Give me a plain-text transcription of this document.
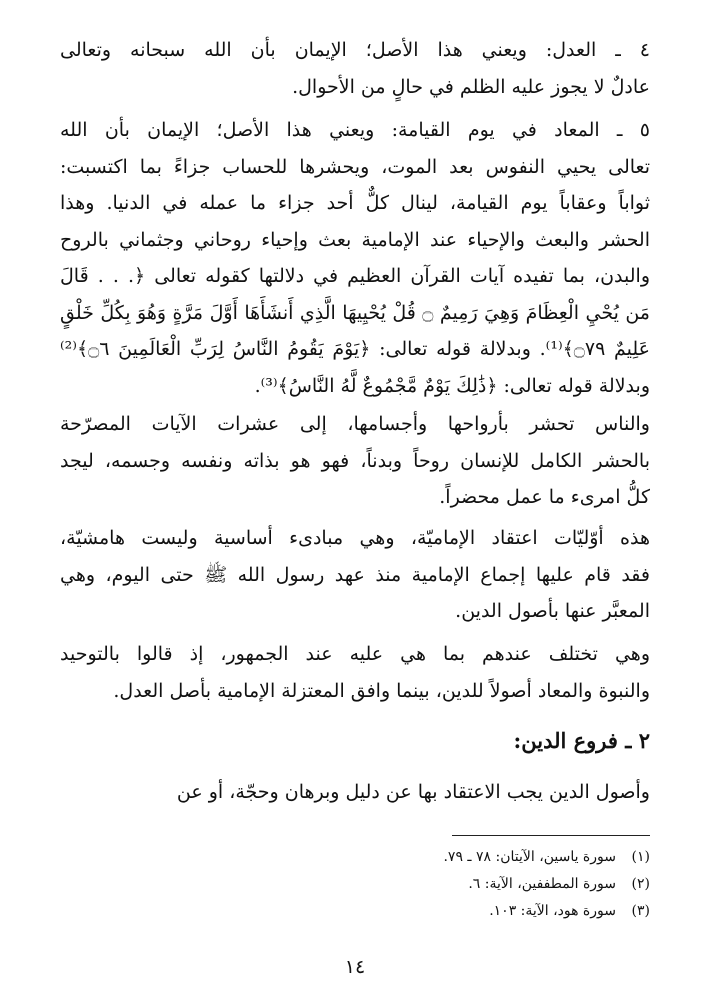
٤ ـ العدل: ويعني هذا الأصل؛ الإيمان بأن الله سبحانه وتعالى
عادلٌ لا يجوز عليه الظلم في حالٍ من الأحوال.
٥ ـ المعاد في يوم القيامة: ويعني هذا الأصل؛ الإيمان بأن الله
تعالى يحيي النفوس بعد الموت، ويحشرها للحساب جزاءً بما اكتسبت:
ثواباً وعقاباً يوم القيامة، لينال كلٌّ أحد جزاء ما عمله في الدنيا. وهذا
الحشر والبعث والإحياء عند الإمامية بعث وإحياء روحاني وجثماني بالروح
والبدن، بما تفيده آيات القرآن العظيم في دلالتها كقوله تعالى ﴿. . . قَالَ
مَن يُحْيِ الْعِظَامَ وَهِيَ رَمِيمٌ ۝ قُلْ يُحْيِيهَا الَّذِي أَنشَأَهَا أَوَّلَ مَرَّةٍ وَهُوَ بِكُلِّ خَلْقٍ
عَلِيمٌ ۝٧٩﴾⁽¹⁾. وبدلالة قوله تعالى: ﴿يَوْمَ يَقُومُ النَّاسُ لِرَبِّ الْعَالَمِينَ ۝٦﴾⁽²⁾
وبدلالة قوله تعالى: ﴿ذَٰلِكَ يَوْمٌ مَّجْمُوعٌ لَّهُ النَّاسُ﴾⁽³⁾.
والناس تحشر بأرواحها وأجسامها، إلى عشرات الآيات المصرّحة
بالحشر الكامل للإنسان روحاً وبدناً، فهو هو بذاته ونفسه وجسمه، ليجد
كلُّ امرىء ما عمل محضراً.
هذه أوّليّات اعتقاد الإماميّة، وهي مبادىء أساسية وليست هامشيّة،
فقد قام عليها إجماع الإمامية منذ عهد رسول الله ﷺ حتى اليوم، وهي
المعبَّر عنها بأصول الدين.
وهي تختلف عندهم بما هي عليه عند الجمهور، إذ قالوا بالتوحيد
والنبوة والمعاد أصولاً للدين، بينما وافق المعتزلة الإمامية بأصل العدل.
٢ ـ فروع الدين:
وأصول الدين يجب الاعتقاد بها عن دليل وبرهان وحجّة، أو عن

(١)سورة ياسين، الآيتان: ٧٨ ـ ٧٩.

(٢)سورة المطففين، الآية: ٦.

(٣)سورة هود، الآية: ١٠٣.

١٤
